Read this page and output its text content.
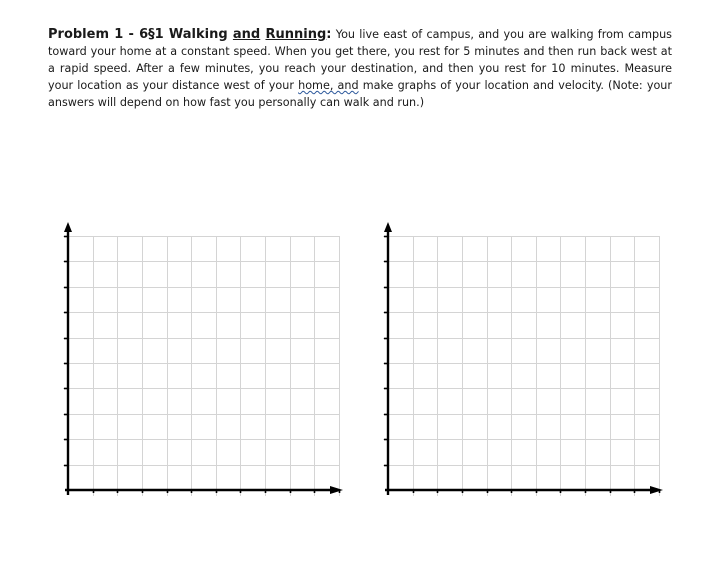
Problem 1 - 6§1 Walking and Running: You live east of campus, and you are walking from campus toward your home at a constant speed. When you get there, you rest for 5 minutes and then run back west at a rapid speed. After a few minutes, you reach your destination, and then you rest for 10 minutes. Measure your location as your distance west of your home, and make graphs of your location and velocity. (Note: your answers will depend on how fast you personally can walk and run.)
